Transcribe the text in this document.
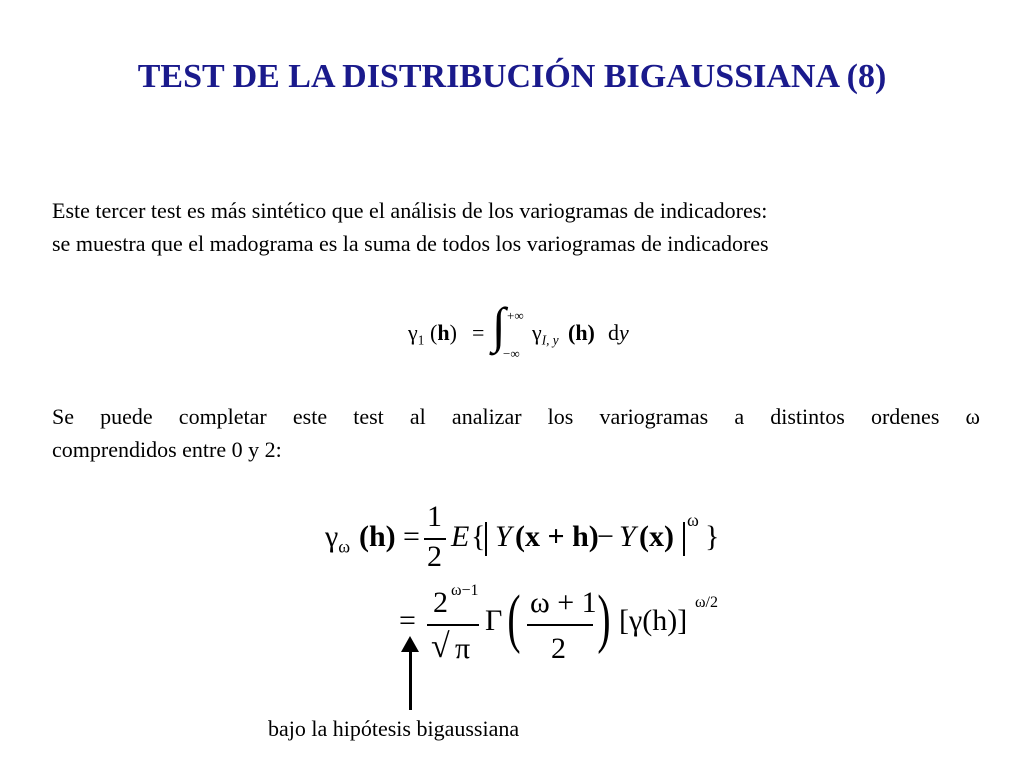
TEST DE LA DISTRIBUCIÓN BIGAUSSIANA (8)
Este tercer test es más sintético que el análisis de los variogramas de indicadores:
se muestra que el madograma es la suma de todos los variogramas de indicadores
$\gamma_1$ (h) = ∫ +∞
−∞
$\gamma_{I, y}$ (h) dy
Se puede completar este test al analizar los variogramas a distintos ordenes ω
comprendidos entre 0 y 2:
$\gamma_\omega$ (h) =
1
2
E { Y (x + h)
− Y (x) ω }
=
2 ω−1
√ π
Γ ( ω + 1
2 ) [γ(h)]
ω/2

bajo la hipótesis bigaussiana
